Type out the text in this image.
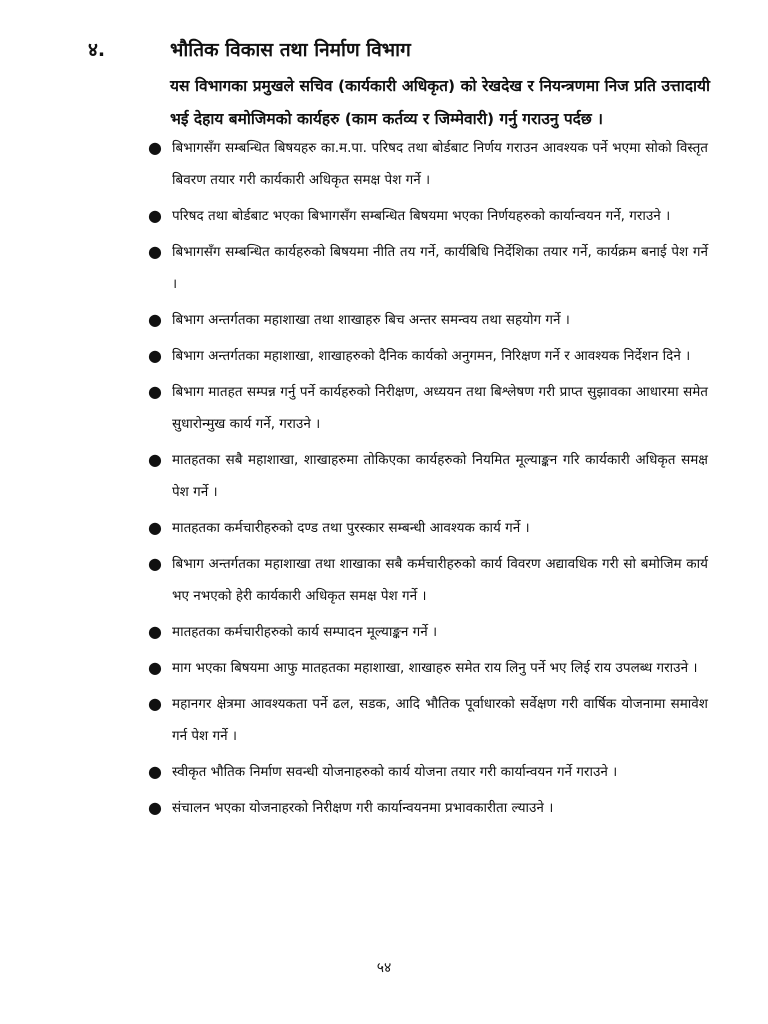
४.	भौतिक विकास तथा निर्माण विभाग
यस विभागका प्रमुखले सचिव (कार्यकारी अधिकृत) को रेखदेख र नियन्त्रणमा निज प्रति उत्तादायी भई देहाय बमोजिमको कार्यहरु (काम कर्तव्य र जिम्मेवारी) गर्नु गराउनु पर्दछ ।
● बिभागसँग सम्बन्धित बिषयहरु का.म.पा. परिषद तथा बोर्डबाट निर्णय गराउन आवश्यक पर्ने भएमा सोको विस्तृत बिवरण तयार गरी कार्यकारी अधिकृत समक्ष पेश गर्ने ।
● परिषद तथा बोर्डबाट भएका बिभागसँग सम्बन्धित बिषयमा भएका निर्णयहरुको कार्यान्वयन गर्ने, गराउने ।
● बिभागसँग सम्बन्धित कार्यहरुको बिषयमा नीति तय गर्ने, कार्यबिधि निर्देशिका तयार गर्ने, कार्यक्रम बनाई पेश गर्ने ।
● बिभाग अन्तर्गतका महाशाखा तथा शाखाहरु बिच अन्तर समन्वय तथा सहयोग गर्ने ।
● बिभाग अन्तर्गतका महाशाखा, शाखाहरुको दैनिक कार्यको अनुगमन, निरिक्षण गर्ने र आवश्यक निर्देशन दिने ।
● बिभाग मातहत सम्पन्न गर्नु पर्ने कार्यहरुको निरीक्षण, अध्ययन तथा बिश्लेषण गरी प्राप्त सुझावका आधारमा समेत सुधारोन्मुख कार्य गर्ने, गराउने ।
● मातहतका सबै महाशाखा, शाखाहरुमा तोकिएका कार्यहरुको नियमित मूल्याङ्कन गरि कार्यकारी अधिकृत समक्ष पेश गर्ने ।
● मातहतका कर्मचारीहरुको दण्ड तथा पुरस्कार सम्बन्धी आवश्यक कार्य गर्ने ।
● बिभाग अन्तर्गतका महाशाखा तथा शाखाका सबै कर्मचारीहरुको कार्य विवरण अद्यावधिक गरी सो बमोजिम कार्य भए नभएको हेरी कार्यकारी अधिकृत समक्ष पेश गर्ने ।
● मातहतका कर्मचारीहरुको कार्य सम्पादन मूल्याङ्कन गर्ने ।
● माग भएका बिषयमा आफु मातहतका महाशाखा, शाखाहरु समेत राय लिनु पर्ने भए लिई राय उपलब्ध गराउने ।
● महानगर क्षेत्रमा आवश्यकता पर्ने ढल, सडक, आदि भौतिक पूर्वाधारको सर्वेक्षण गरी वार्षिक योजनामा समावेश गर्न पेश गर्ने ।
● स्वीकृत भौतिक निर्माण सवन्धी योजनाहरुको कार्य योजना तयार गरी कार्यान्वयन गर्ने गराउने ।
● संचालन भएका योजनाहरको निरीक्षण गरी कार्यान्वयनमा प्रभावकारीता ल्याउने ।
५४
